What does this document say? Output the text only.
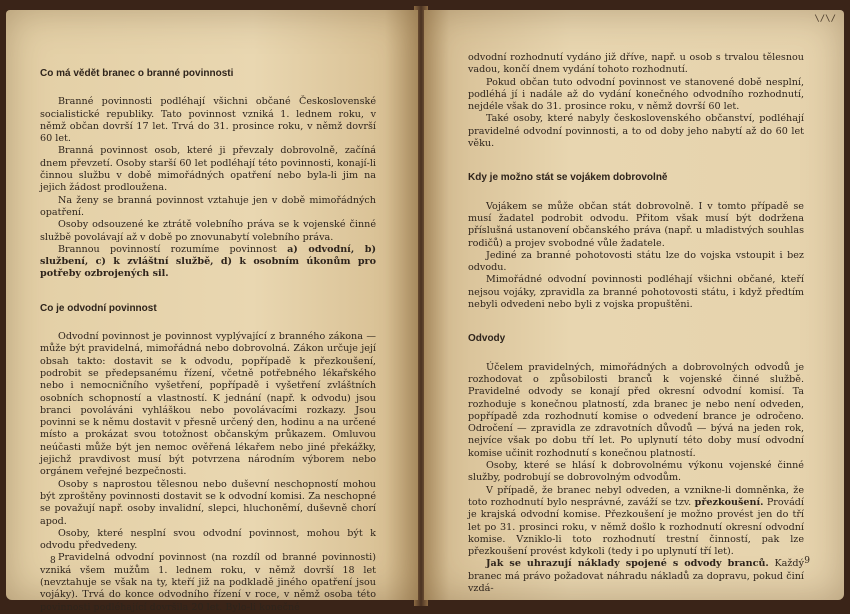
Co má vědět branec o branné povinnosti

Branné povinnosti podléhají všichni občané Československé socialistické republiky. Tato povinnost vzniká 1. lednem roku, v němž občan dovrší 17 let. Trvá do 31. prosince roku, v němž dovrší 60 let.

Branná povinnost osob, které ji převzaly dobrovolně, začíná dnem převzetí. Osoby starší 60 let podléhají této povinnosti, konají-li činnou službu v době mimořádných opatření nebo byla-li jim na jejich žádost prodloužena.

Na ženy se branná povinnost vztahuje jen v době mimořádných opatření.

Osoby odsouzené ke ztrátě volebního práva se k vojenské činné službě povolávají až v době po znovunabytí volebního práva.

Brannou povinností rozumíme povinnost a) odvodní, b) službení, c) k zvláštní službě, d) k osobním úkonům pro potřeby ozbrojených sil.

Co je odvodní povinnost

Odvodní povinnost je povinnost vyplývající z branného zákona — může být pravidelná, mimořádná nebo dobrovolná. Zákon určuje její obsah takto: dostavit se k odvodu, popřípadě k přezkoušení, podrobit se předepsanému řízení, včetně potřebného lékařského nebo i nemocničního vyšetření, popřípadě i vyšetření zvláštních osobních schopností a vlastností. K jednání (např. k odvodu) jsou branci povoláváni vyhláškou nebo povolávacími rozkazy. Jsou povinni se k němu dostavit v přesně určený den, hodinu a na určené místo a prokázat svou totožnost občanským průkazem. Omluvou neúčasti může být jen nemoc ověřená lékařem nebo jiné překážky, jejichž pravdivost musí být potvrzena národním výborem nebo orgánem veřejné bezpečnosti.

Osoby s naprostou tělesnou nebo duševní neschopností mohou být zproštěny povinnosti dostavit se k odvodní komisi. Za neschopné se považují např. osoby invalidní, slepci, hluchoněmí, duševně chorí apod.

Osoby, které nesplní svou odvodní povinnost, mohou být k odvodu předvedeny.

Pravidelná odvodní povinnost (na rozdíl od branné povinnosti) vzniká všem mužům 1. lednem roku, v němž dovrší 18 let (nevztahuje se však na ty, kteří již na podkladě jiného opatření jsou vojáky). Trvá do konce odvodního řízení v roce, v němž osoba této povinnosti podléhající dovršila 20 let. Bylo-li konečné

8
\/\/

odvodní rozhodnutí vydáno již dříve, např. u osob s trvalou tělesnou vadou, končí dnem vydání tohoto rozhodnutí.

Pokud občan tuto odvodní povinnost ve stanovené době nesplní, podléhá jí i nadále až do vydání konečného odvodního rozhodnutí, nejdéle však do 31. prosince roku, v němž dovrší 60 let.

Také osoby, které nabyly československého občanství, podléhají pravidelné odvodní povinnosti, a to od doby jeho nabytí až do 60 let věku.

Kdy je možno stát se vojákem dobrovolně

Vojákem se může občan stát dobrovolně. I v tomto případě se musí žadatel podrobit odvodu. Přitom však musí být dodržena příslušná ustanovení občanského práva (např. u mladistvých souhlas rodičů) a projev svobodné vůle žadatele.

Jediné za branné pohotovosti státu lze do vojska vstoupit i bez odvodu.

Mimořádné odvodní povinnosti podléhají všichni občané, kteří nejsou vojáky, zpravidla za branné pohotovosti státu, i když předtím nebyli odvedeni nebo byli z vojska propuštěni.

Odvody

Účelem pravidelných, mimořádných a dobrovolných odvodů je rozhodovat o způsobilosti branců k vojenské činné službě. Pravidelné odvody se konají před okresní odvodní komisí. Ta rozhoduje s konečnou platností, zda branec je nebo není odveden, popřípadě zda rozhodnutí komise o odvedení brance je odročeno. Odročení — zpravidla ze zdravotních důvodů — bývá na jeden rok, nejvíce však po dobu tří let. Po uplynutí této doby musí odvodní komise učinit rozhodnutí s konečnou platností.

Osoby, které se hlásí k dobrovolnému výkonu vojenské činné služby, podrobují se dobrovolným odvodům.

V případě, že branec nebyl odveden, a vznikne-li domněnka, že toto rozhodnutí bylo nesprávné, zaváží se tzv. přezkoušení. Provádí je krajská odvodní komise. Přezkoušení je možno provést jen do tří let po 31. prosinci roku, v němž došlo k rozhodnutí okresní odvodní komise. Vzniklo-li toto rozhodnutí trestní činností, pak lze přezkoušení provést kdykoli (tedy i po uplynutí tří let).

Jak se uhrazují náklady spojené s odvody branců. Každý branec má právo požadovat náhradu nákladů za dopravu, pokud činí vzdá-

9
